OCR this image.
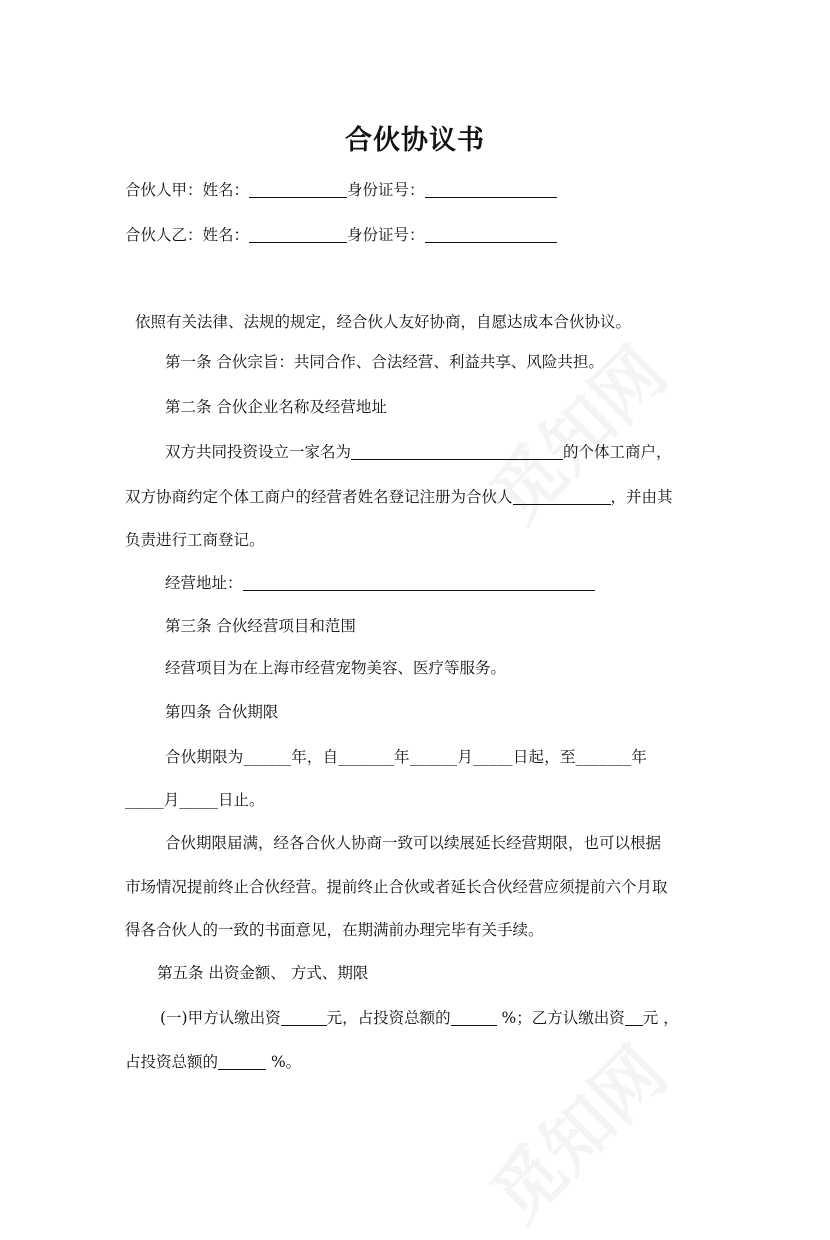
合伙协议书
合伙人甲：姓名：	身份证号：
合伙人乙：姓名：	身份证号：
依照有关法律、法规的规定，经合伙人友好协商，自愿达成本合伙协议。
第一条 合伙宗旨：共同合作、合法经营、利益共享、风险共担。
第二条 合伙企业名称及经营地址
双方共同投资设立一家名为	的个体工商户，
双方协商约定个体工商户的经营者姓名登记注册为合伙人	，并由其
负责进行工商登记。
经营地址：
第三条 合伙经营项目和范围
经营项目为在上海市经营宠物美容、医疗等服务。
第四条 合伙期限
合伙期限为______年，自_______年______月_____日起，至_______年
_____月_____日止。
合伙期限届满，经各合伙人协商一致可以续展延长经营期限，也可以根据
市场情况提前终止合伙经营。提前终止合伙或者延长合伙经营应须提前六个月取
得各合伙人的一致的书面意见，在期满前办理完毕有关手续。
第五条 出资金额、 方式、期限
(一)甲方认缴出资	元，占投资总额的	%；乙方认缴出资 元 ，
占投资总额的	%。
